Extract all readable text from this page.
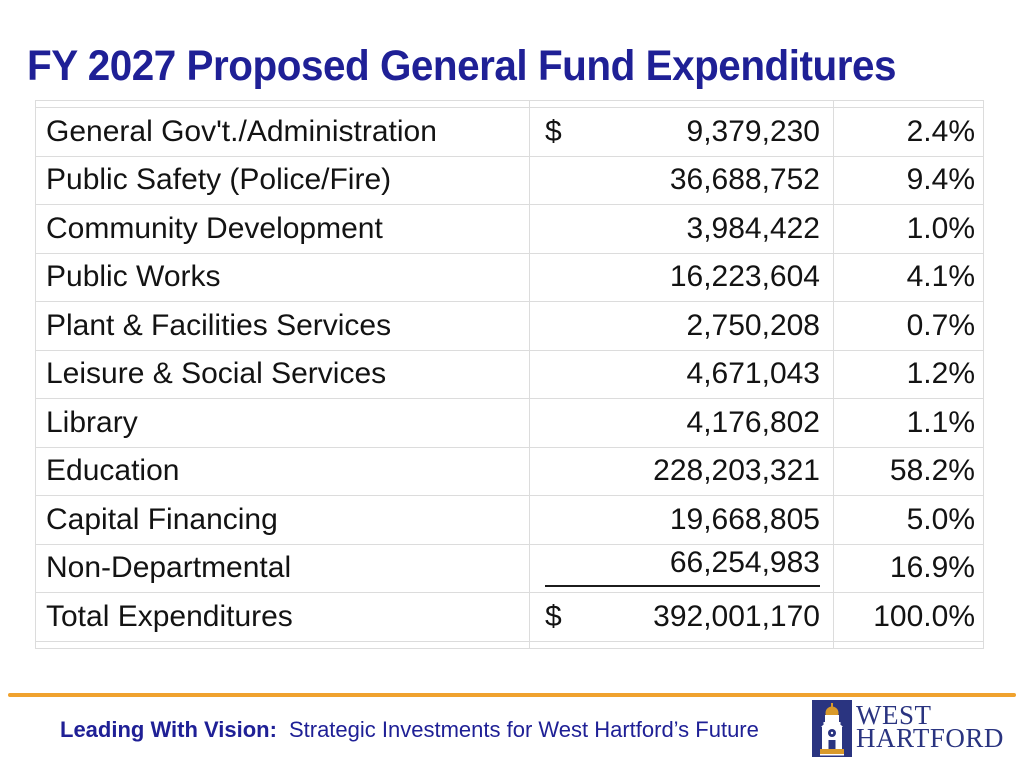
FY 2027 Proposed General Fund Expenditures
General Gov't./Administration	$	9,379,230	2.4%
Public Safety (Police/Fire)	36,688,752	9.4%
Community Development	3,984,422	1.0%
Public Works	16,223,604	4.1%
Plant & Facilities Services	2,750,208	0.7%
Leisure & Social Services	4,671,043	1.2%
Library	4,176,802	1.1%
Education	228,203,321	58.2%
Capital Financing	19,668,805	5.0%
Non-Departmental	66,254,983	16.9%
Total Expenditures	$	392,001,170	100.0%
Leading With Vision: Strategic Investments for West Hartford’s Future	WEST
HARTFORD
